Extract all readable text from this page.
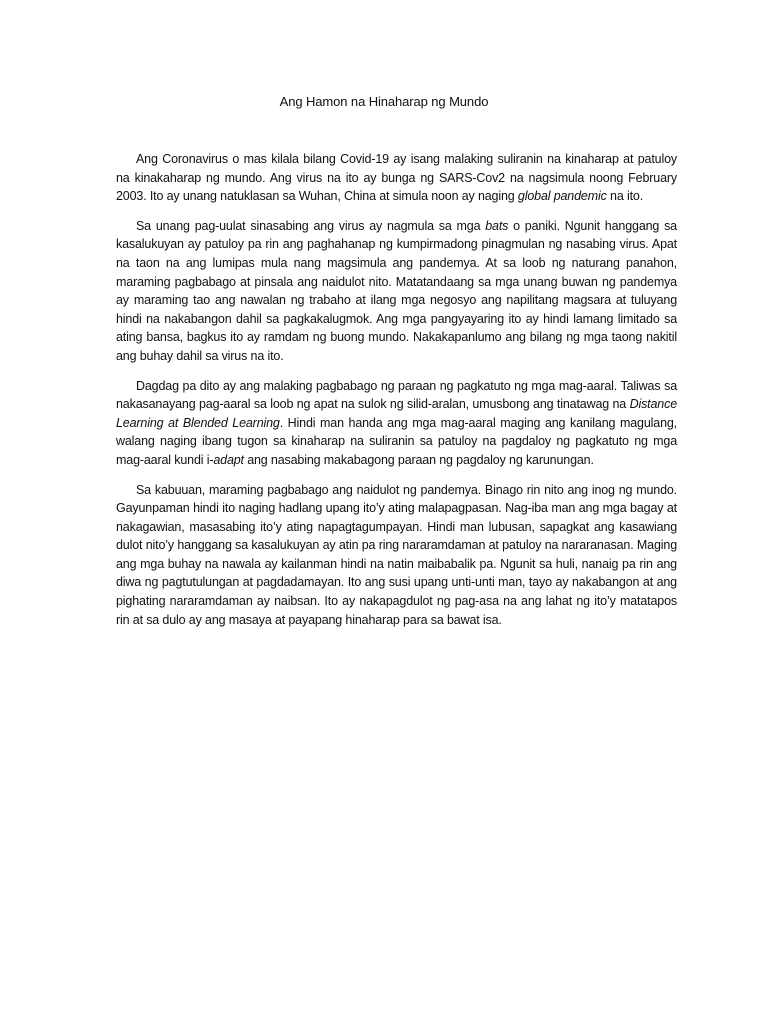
Ang Hamon na Hinaharap ng Mundo

Ang Coronavirus o mas kilala bilang Covid-19 ay isang malaking suliranin na kinaharap at patuloy na kinakaharap ng mundo. Ang virus na ito ay bunga ng SARS-Cov2 na nagsimula noong February 2003. Ito ay unang natuklasan sa Wuhan, China at simula noon ay naging global pandemic na ito.

Sa unang pag-uulat sinasabing ang virus ay nagmula sa mga bats o paniki. Ngunit hanggang sa kasalukuyan ay patuloy pa rin ang paghahanap ng kumpirmadong pinagmulan ng nasabing virus. Apat na taon na ang lumipas mula nang magsimula ang pandemya. At sa loob ng naturang panahon, maraming pagbabago at pinsala ang naidulot nito. Matatandaang sa mga unang buwan ng pandemya ay maraming tao ang nawalan ng trabaho at ilang mga negosyo ang napilitang magsara at tuluyang hindi na nakabangon dahil sa pagkakalugmok. Ang mga pangyayaring ito ay hindi lamang limitado sa ating bansa, bagkus ito ay ramdam ng buong mundo. Nakakapanlumo ang bilang ng mga taong nakitil ang buhay dahil sa virus na ito.

Dagdag pa dito ay ang malaking pagbabago ng paraan ng pagkatuto ng mga mag-aaral. Taliwas sa nakasanayang pag-aaral sa loob ng apat na sulok ng silid-aralan, umusbong ang tinatawag na Distance Learning at Blended Learning. Hindi man handa ang mga mag-aaral maging ang kanilang magulang, walang naging ibang tugon sa kinaharap na suliranin sa patuloy na pagdaloy ng pagkatuto ng mga mag-aaral kundi i-adapt ang nasabing makabagong paraan ng pagdaloy ng karunungan.

Sa kabuuan, maraming pagbabago ang naidulot ng pandemya. Binago rin nito ang inog ng mundo. Gayunpaman hindi ito naging hadlang upang ito’y ating malapagpasan. Nag-iba man ang mga bagay at nakagawian, masasabing ito’y ating napagtagumpayan. Hindi man lubusan, sapagkat ang kasawiang dulot nito’y hanggang sa kasalukuyan ay atin pa ring nararamdaman at patuloy na nararanasan. Maging ang mga buhay na nawala ay kailanman hindi na natin maibabalik pa. Ngunit sa huli, nanaig pa rin ang diwa ng pagtutulungan at pagdadamayan. Ito ang susi upang unti-unti man, tayo ay nakabangon at ang pighating nararamdaman ay naibsan. Ito ay nakapagdulot ng pag-asa na ang lahat ng ito’y matatapos rin at sa dulo ay ang masaya at payapang hinaharap para sa bawat isa.
